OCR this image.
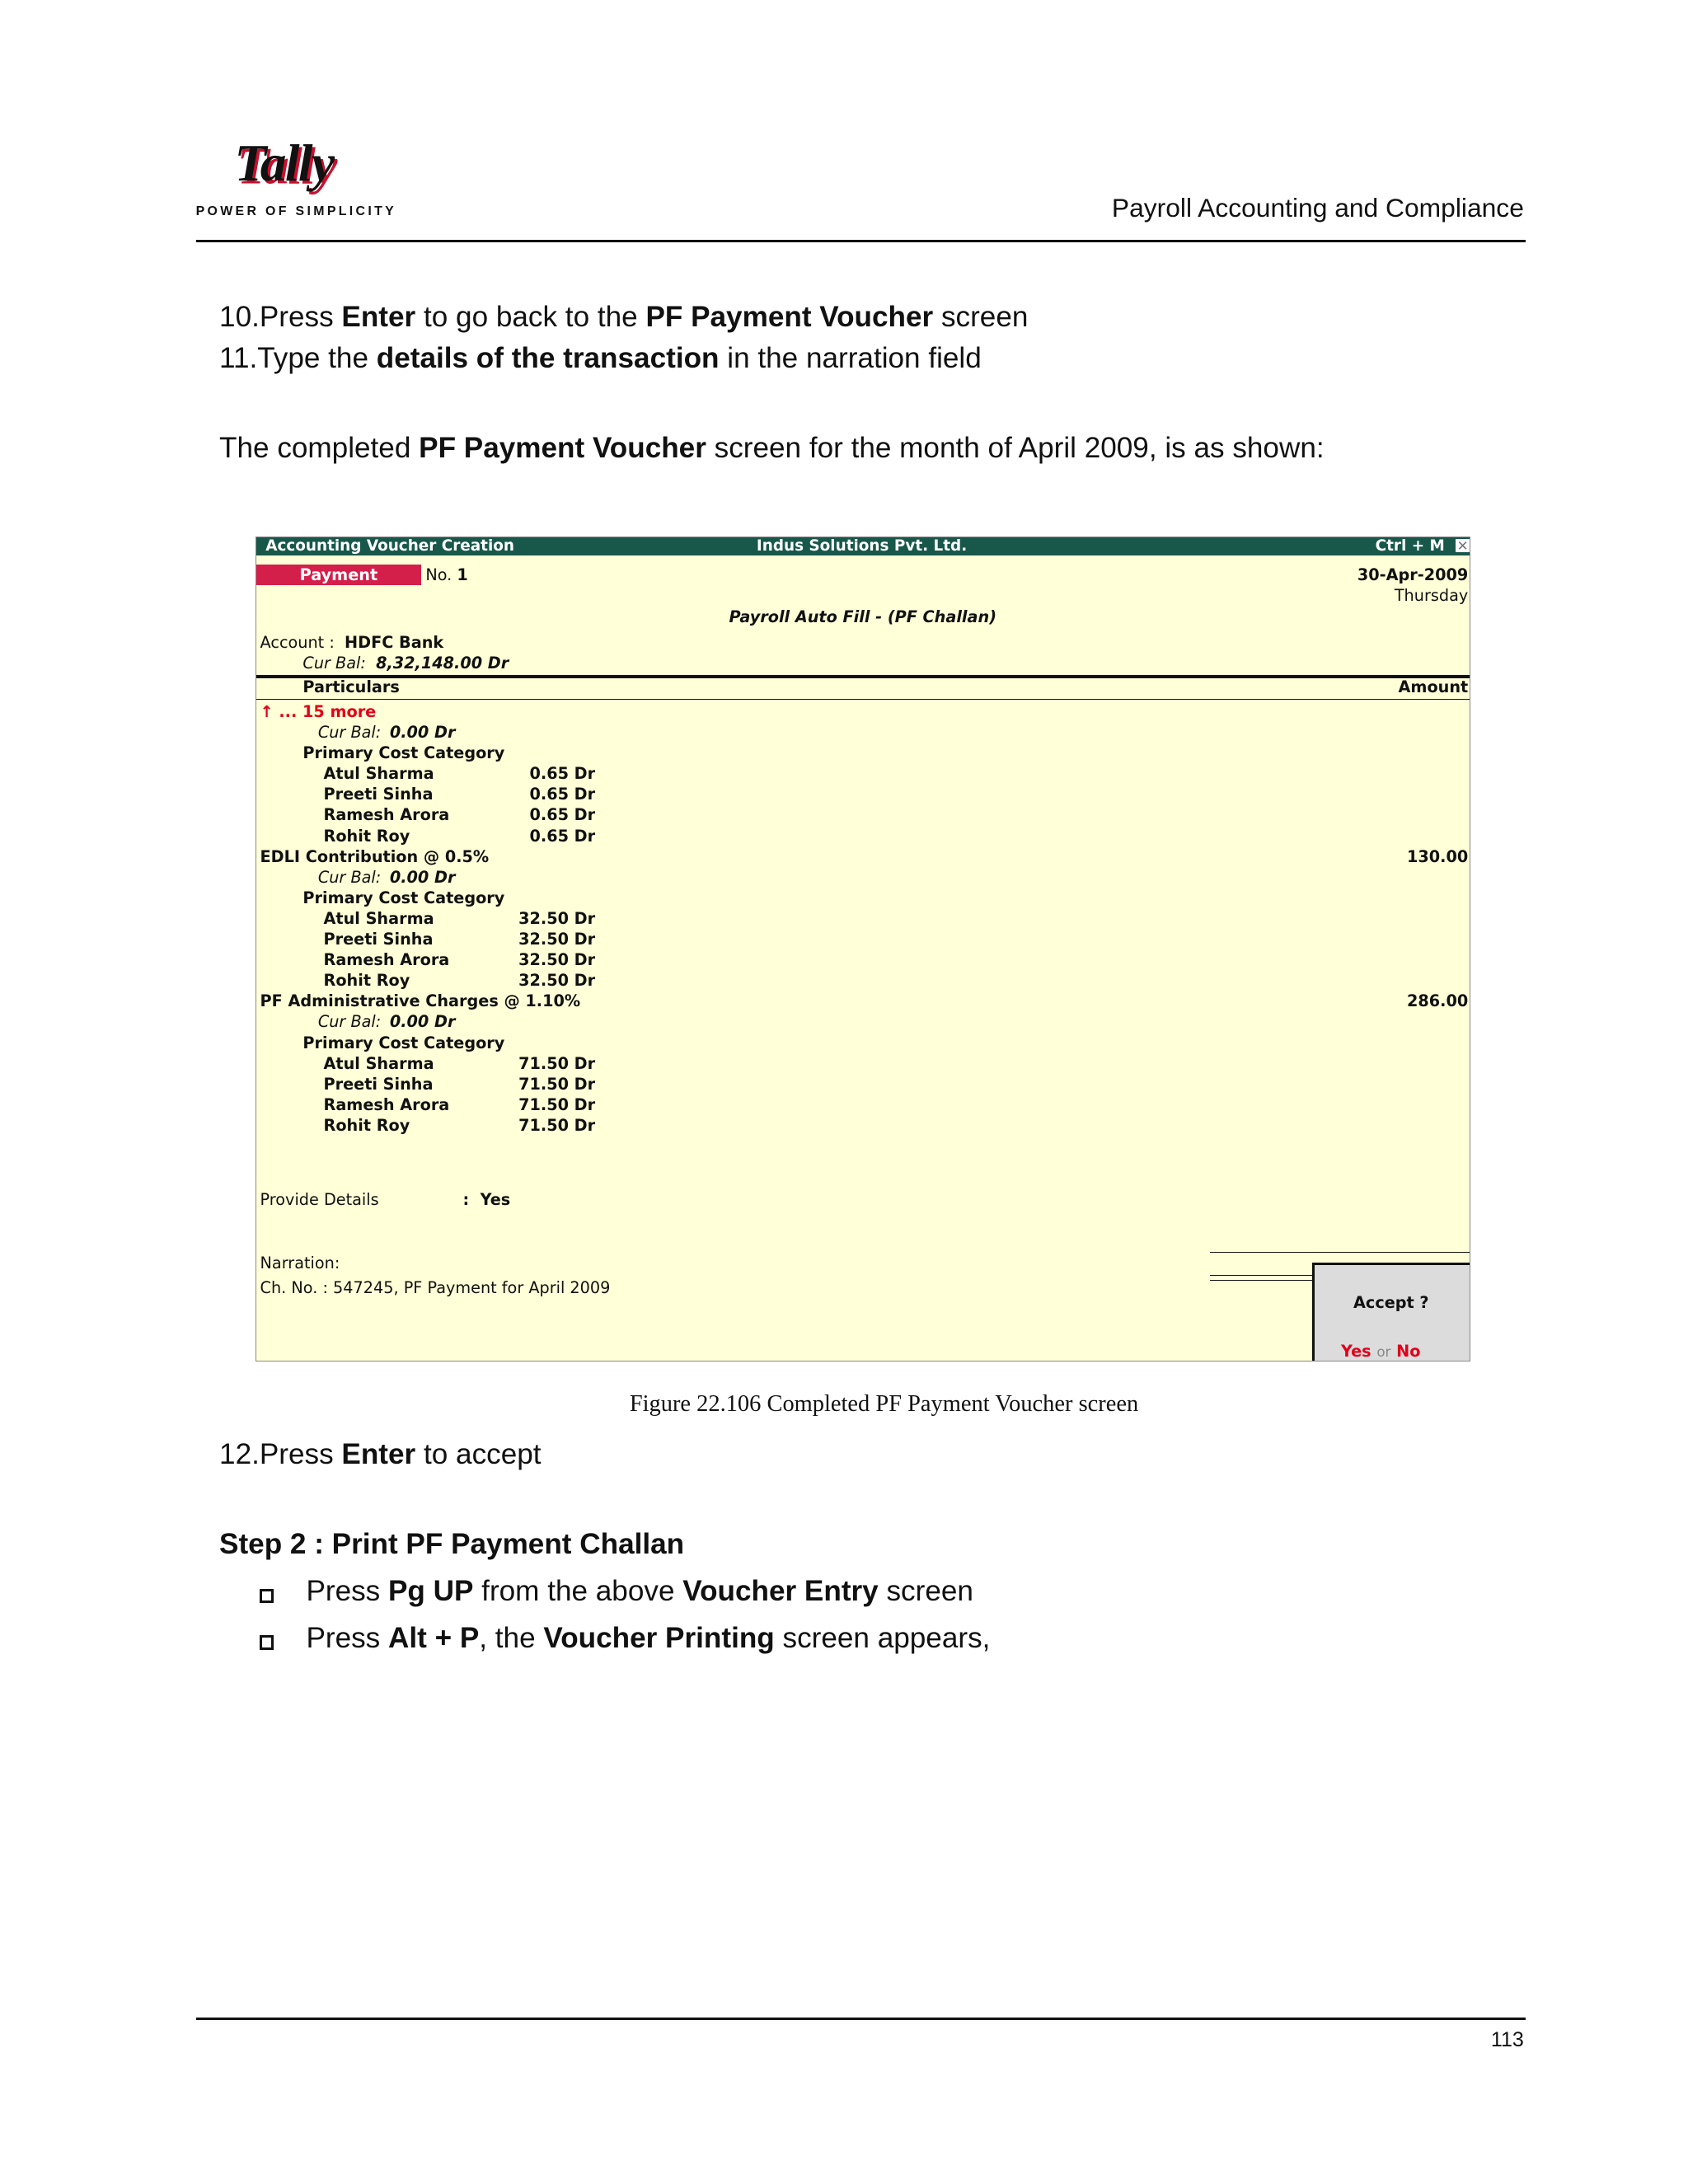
Tally
POWER OF SIMPLICITY	Payroll Accounting and Compliance
10.Press Enter to go back to the PF Payment Voucher screen
11.Type the details of the transaction in the narration field
The completed PF Payment Voucher screen for the month of April 2009, is as shown:
Accounting Voucher Creation	Indus Solutions Pvt. Ltd.	Ctrl + M ✕
Payment	No. 1	30-Apr-2009
Thursday
Payroll Auto Fill - (PF Challan)
Account : HDFC Bank
Cur Bal: 8,32,148.00 Dr
Particulars	Amount
↑ ... 15 more
Cur Bal: 0.00 Dr
Primary Cost Category
Atul Sharma	0.65 Dr
Preeti Sinha	0.65 Dr
Ramesh Arora	0.65 Dr
Rohit Roy	0.65 Dr
EDLI Contribution @ 0.5%	130.00
Cur Bal: 0.00 Dr
Primary Cost Category
Atul Sharma	32.50 Dr
Preeti Sinha	32.50 Dr
Ramesh Arora	32.50 Dr
Rohit Roy	32.50 Dr
PF Administrative Charges @ 1.10%	286.00
Cur Bal: 0.00 Dr
Primary Cost Category
Atul Sharma	71.50 Dr
Preeti Sinha	71.50 Dr
Ramesh Arora	71.50 Dr
Rohit Roy	71.50 Dr
Provide Details	:  Yes
Narration:
Ch. No. : 547245, PF Payment for April 2009
Accept ?
Yes or No
Figure 22.106 Completed PF Payment Voucher screen
12.Press Enter to accept
Step 2 : Print PF Payment Challan
Press Pg UP from the above Voucher Entry screen
Press Alt + P, the Voucher Printing screen appears,
113
